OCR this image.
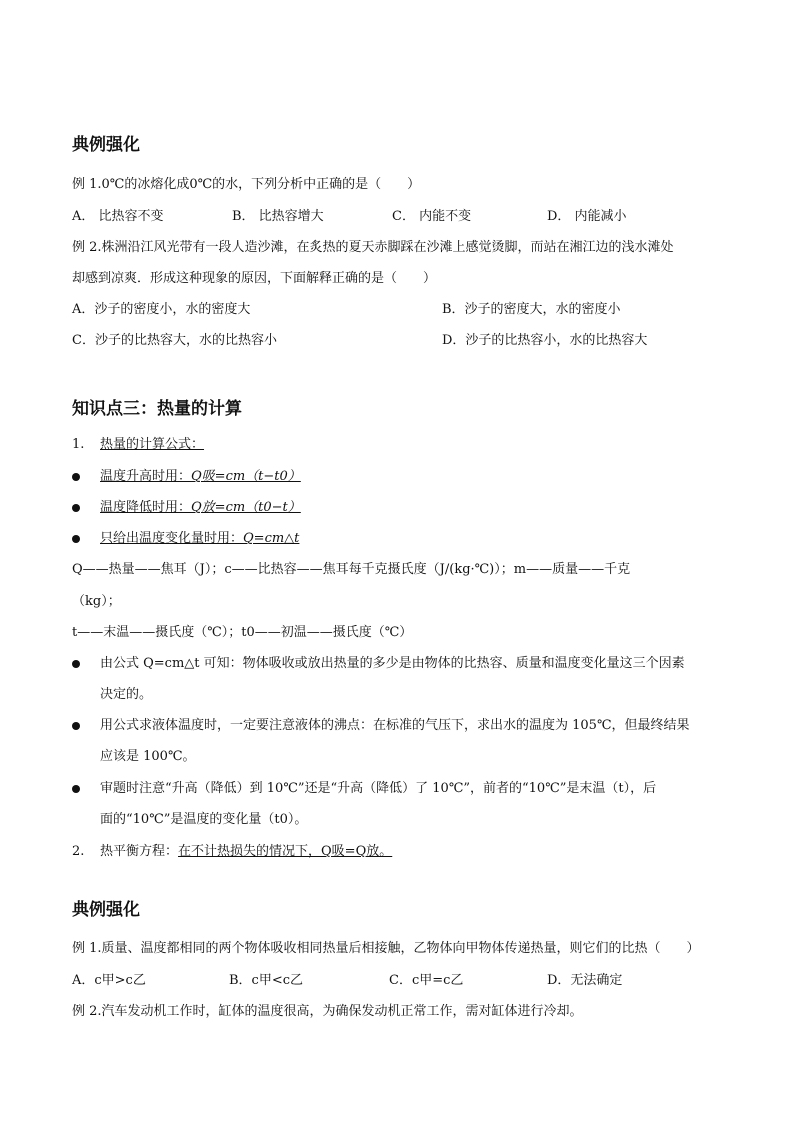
典例强化
例 1.0℃的冰熔化成0℃的水，下列分析中正确的是（　　）
A． 比热容不变	B． 比热容增大	C． 内能不变	D． 内能减小
例 2.株洲沿江风光带有一段人造沙滩，在炙热的夏天赤脚踩在沙滩上感觉烫脚，而站在湘江边的浅水滩处
却感到凉爽．形成这种现象的原因，下面解释正确的是（　　）
A．沙子的密度小，水的密度大	B．沙子的密度大，水的密度小
C．沙子的比热容大，水的比热容小	D．沙子的比热容小，水的比热容大
知识点三：热量的计算
1. 热量的计算公式：
温度升高时用：Q吸=cm（t−t0）
温度降低时用：Q放=cm（t0−t）
只给出温度变化量时用：Q=cm△t
Q——热量——焦耳（J）；c——比热容——焦耳每千克摄氏度（J/(kg·℃)）；m——质量——千克
（kg）；
t——末温——摄氏度（℃）；t0——初温——摄氏度（℃）
由公式 Q=cm△t 可知：物体吸收或放出热量的多少是由物体的比热容、质量和温度变化量这三个因素
决定的。
用公式求液体温度时，一定要注意液体的沸点：在标准的气压下，求出水的温度为 105℃，但最终结果
应该是 100℃。
审题时注意“升高（降低）到 10℃”还是“升高（降低）了 10℃”，前者的“10℃”是末温（t），后
面的“10℃”是温度的变化量（t0）。
2. 热平衡方程：在不计热损失的情况下，Q吸=Q放。
典例强化
例 1.质量、温度都相同的两个物体吸收相同热量后相接触，乙物体向甲物体传递热量，则它们的比热（　　）
A．c甲>c乙	B．c甲<c乙	C．c甲=c乙	D．无法确定
例 2.汽车发动机工作时，缸体的温度很高，为确保发动机正常工作，需对缸体进行冷却。
